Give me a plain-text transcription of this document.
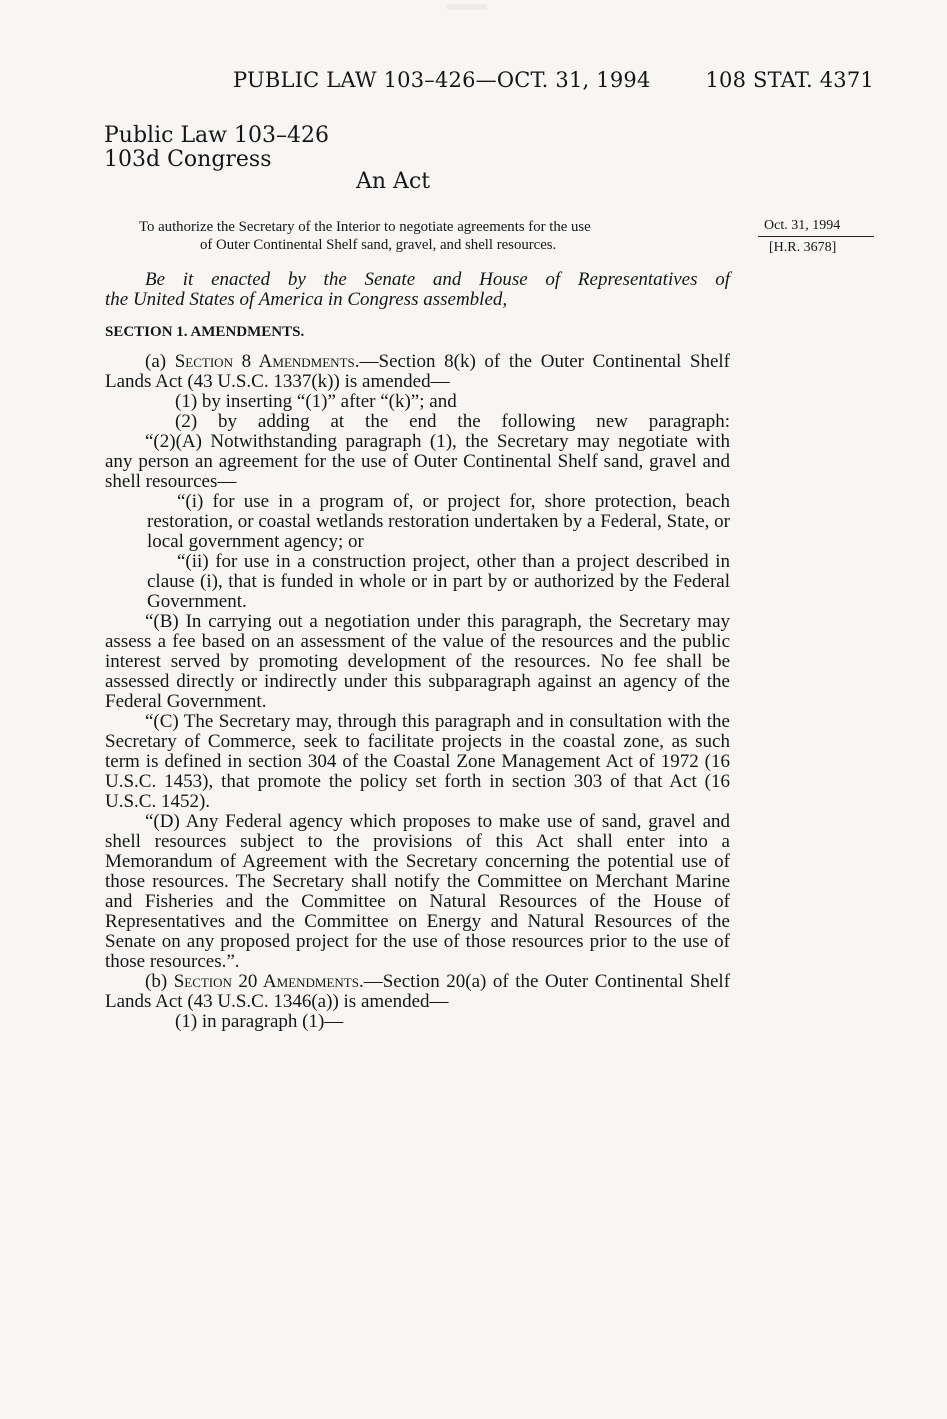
PUBLIC LAW 103–426—OCT. 31, 1994	108 STAT. 4371
Public Law 103–426
103d Congress
An Act
To authorize the Secretary of the Interior to negotiate agreements for the use
of Outer Continental Shelf sand, gravel, and shell resources.
Oct. 31, 1994
[H.R. 3678]
Be it enacted by the Senate and House of Representatives of
the United States of America in Congress assembled,
SECTION 1. AMENDMENTS.

(a) Section 8 Amendments.—Section 8(k) of the Outer Continental Shelf Lands Act (43 U.S.C. 1337(k)) is amended—

(1) by inserting “(1)” after “(k)”; and

(2) by adding at the end the following new paragraph:

“(2)(A) Notwithstanding paragraph (1), the Secretary may negotiate with any person an agreement for the use of Outer Continental Shelf sand, gravel and shell resources—

“(i) for use in a program of, or project for, shore protection, beach restoration, or coastal wetlands restoration undertaken by a Federal, State, or local government agency; or

“(ii) for use in a construction project, other than a project described in clause (i), that is funded in whole or in part by or authorized by the Federal Government.

“(B) In carrying out a negotiation under this paragraph, the Secretary may assess a fee based on an assessment of the value of the resources and the public interest served by promoting development of the resources. No fee shall be assessed directly or indirectly under this subparagraph against an agency of the Federal Government.

“(C) The Secretary may, through this paragraph and in consultation with the Secretary of Commerce, seek to facilitate projects in the coastal zone, as such term is defined in section 304 of the Coastal Zone Management Act of 1972 (16 U.S.C. 1453), that promote the policy set forth in section 303 of that Act (16 U.S.C. 1452).

“(D) Any Federal agency which proposes to make use of sand, gravel and shell resources subject to the provisions of this Act shall enter into a Memorandum of Agreement with the Secretary concerning the potential use of those resources. The Secretary shall notify the Committee on Merchant Marine and Fisheries and the Committee on Natural Resources of the House of Representatives and the Committee on Energy and Natural Resources of the Senate on any proposed project for the use of those resources prior to the use of those resources.”.

(b) Section 20 Amendments.—Section 20(a) of the Outer Continental Shelf Lands Act (43 U.S.C. 1346(a)) is amended—

(1) in paragraph (1)—
